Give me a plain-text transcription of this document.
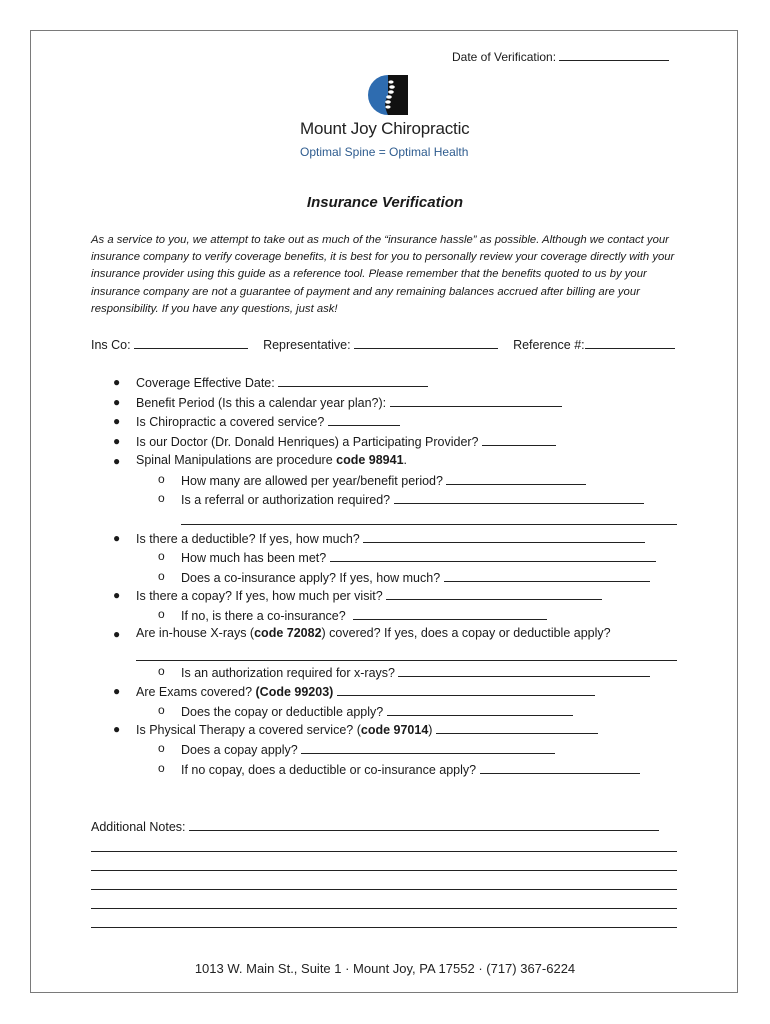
Date of Verification:
Mount Joy Chiropractic
Optimal Spine = Optimal Health
Insurance Verification

As a service to you, we attempt to take out as much of the “insurance hassle” as possible. Although we contact your insurance company to verify coverage benefits, it is best for you to personally review your coverage directly with your insurance provider using this guide as a reference tool. Please remember that the benefits quoted to us by your insurance company are not a guarantee of payment and any remaining balances accrued after billing are your responsibility. If you have any questions, just ask!

Ins Co:	Representative:	Reference #:
● Coverage Effective Date:
● Benefit Period (Is this a calendar year plan?):
● Is Chiropractic a covered service?
● Is our Doctor (Dr. Donald Henriques) a Participating Provider?
● Spinal Manipulations are procedure code 98941.
o How many are allowed per year/benefit period?
o Is a referral or authorization required?
● Is there a deductible? If yes, how much?
o How much has been met?
o Does a co-insurance apply? If yes, how much?
● Is there a copay? If yes, how much per visit?
o If no, is there a co-insurance?
● Are in-house X-rays (code 72082) covered? If yes, does a copay or deductible apply?
o Is an authorization required for x-rays?
● Are Exams covered? (Code 99203)
o Does the copay or deductible apply?
● Is Physical Therapy a covered service? (code 97014)
o Does a copay apply?
o If no copay, does a deductible or co-insurance apply?
Additional Notes:
1013 W. Main St., Suite 1 · Mount Joy, PA 17552 · (717) 367-6224
